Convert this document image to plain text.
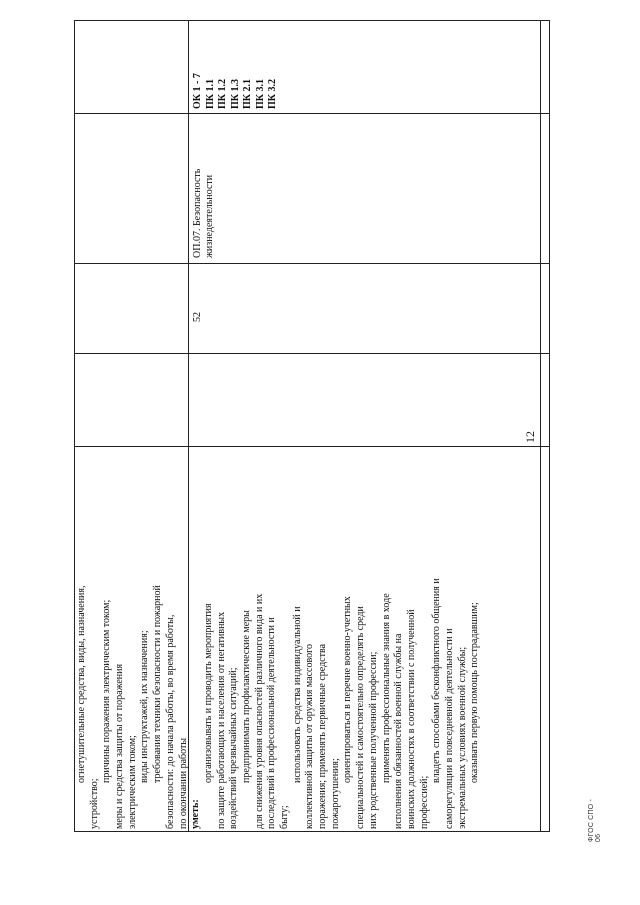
огнетушительные средства, виды, назначения,
устройство;
причины поражения электрическим током; меры и средства защиты от поражения электрическим током; виды инструктажей, их назначения; требования техники безопасности и пожарной безопасности: до начала работы, во время работы, по окончании работы уметь:
организовывать и проводить мероприятия по защите работающих и населения от негативных воздействий чрезвычайных ситуаций; предпринимать профилактические меры для снижения уровня опасностей различного вида и их последствий в профессиональной деятельности и быту;
использовать средства индивидуальной и коллективной защиты от оружия массового поражения; применять первичные средства пожаротушения;
ориентироваться в перечне военно-учетных специальностей и самостоятельно определять среди них родственные полученной профессии; применять профессиональные знания в ходе исполнения обязанностей военной службы на воинских должностях в соответствии с полученной профессией;
владеть способами бесконфликтного общения и саморегуляции в повседневной деятельности и экстремальных условиях военной службы; оказывать первую помощь пострадавшим;
52
ОП.07. Безопасность жизнедеятельности
ОК 1 - 7 ПК 1.1 ПК 1.2 ПК 1.3 ПК 2.1 ПК 3.1 ПК 3.2
12
ФГОС СПО - 06
